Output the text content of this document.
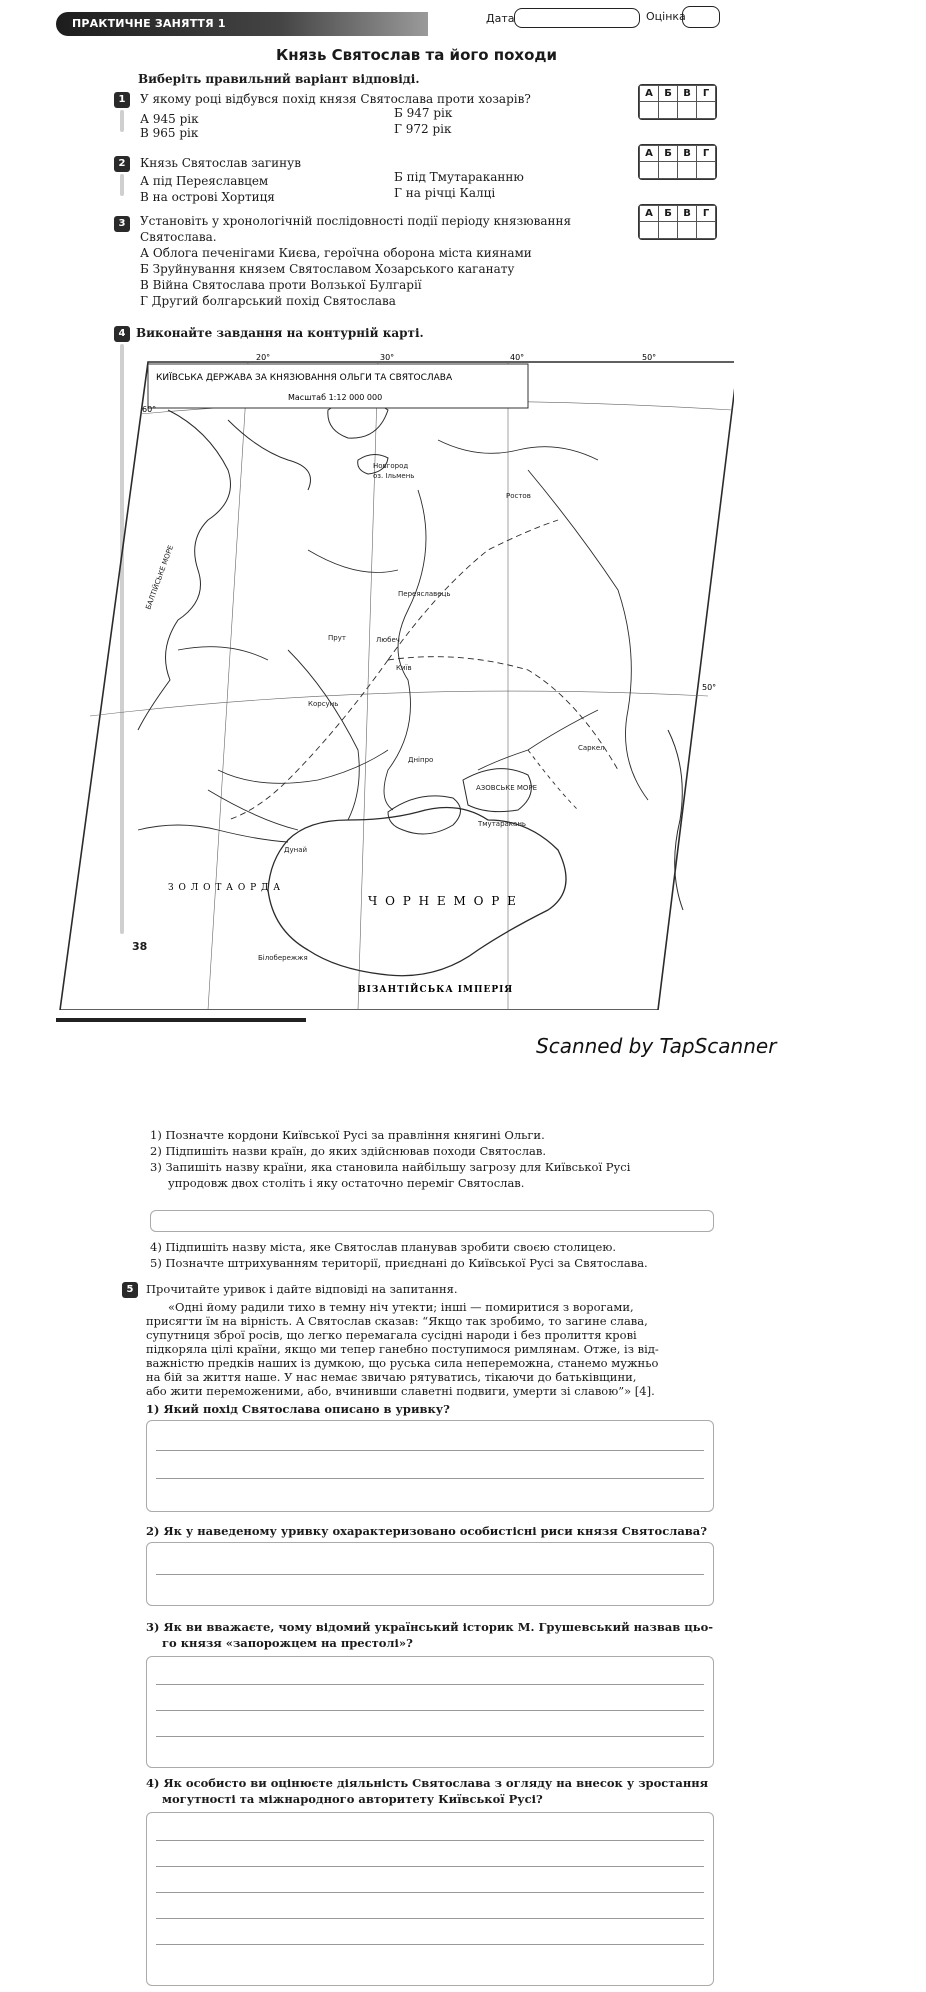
ПРАКТИЧНЕ ЗАНЯТТЯ 1	Дата	Оцінка
Князь Святослав та його походи
Виберіть правильний варіант відповіді.
1	У якому році відбувся похід князя Святослава проти хозарів?
А 945 рік	Б 947 рік
В 965 рік	Г 972 рік
А	Б	В	Г

2	Князь Святослав загинув
А під Переяславцем	Б під Тмутараканню
В на острові Хортиця	Г на річці Калці
А	Б	В	Г

3	Установіть у хронологічній послідовності події періоду князювання
Святослава.
А Облога печенігами Києва, героїчна оборона міста киянами
Б Зруйнування князем Святославом Хозарського каганату
В Війна Святослава проти Волзької Булгарії
Г Другий болгарський похід Святослава
А	Б	В	Г

4 Виконайте завдання на контурній карті.
КИЇВСЬКА ДЕРЖАВА ЗА КНЯЗЮВАННЯ ОЛЬГИ ТА СВЯТОСЛАВА
Масштаб 1:12 000 000
20°	30°	40°	50°
60°
50°
Новгород
оз. Ільмень
Ростов
Переяславець
Любеч
Київ
Дніпро
Саркел
АЗОВСЬКЕ МОРЕ
Тмутаракань
Дунай
БАЛТІЙСЬКЕ МОРЕ
Прут
Корсунь
Білобережжя
Ч О Р Н Е М О Р Е
З О Л О Т А О Р Д А
ВІЗАНТІЙСЬКА ІМПЕРІЯ
38
Scanned by TapScanner
1) Позначте кордони Київської Русі за правління княгині Ольги.
2) Підпишіть назви країн, до яких здійснював походи Святослав.
3) Запишіть назву країни, яка становила найбільшу загрозу для Київської Русі
упродовж двох століть і яку остаточно переміг Святослав.
4) Підпишіть назву міста, яке Святослав планував зробити своєю столицею.
5) Позначте штрихуванням території, приєднані до Київської Русі за Святослава.
5	Прочитайте уривок і дайте відповіді на запитання.
«Одні йому радили тихо в темну ніч утекти; інші — помиритися з ворогами,
присягти їм на вірність. А Святослав сказав: “Якщо так зробимо, то загине слава,
супутниця зброї росів, що легко перемагала сусідні народи і без пролиття крові
підкоряла цілі країни, якщо ми тепер ганебно поступимося римлянам. Отже, із від-
важністю предків наших із думкою, що руська сила непереможна, станемо мужньо
на бій за життя наше. У нас немає звичаю рятуватись, тікаючи до батьківщини,
або жити переможеними, або, вчинивши славетні подвиги, умерти зі славою”» [4].
1) Який похід Святослава описано в уривку?
2) Як у наведеному уривку охарактеризовано особистісні риси князя Святослава?
3) Як ви вважаєте, чому відомий український історик М. Грушевський назвав цьо-
го князя «запорожцем на престолі»?
4) Як особисто ви оцінюєте діяльність Святослава з огляду на внесок у зростання
могутності та міжнародного авторитету Київської Русі?
